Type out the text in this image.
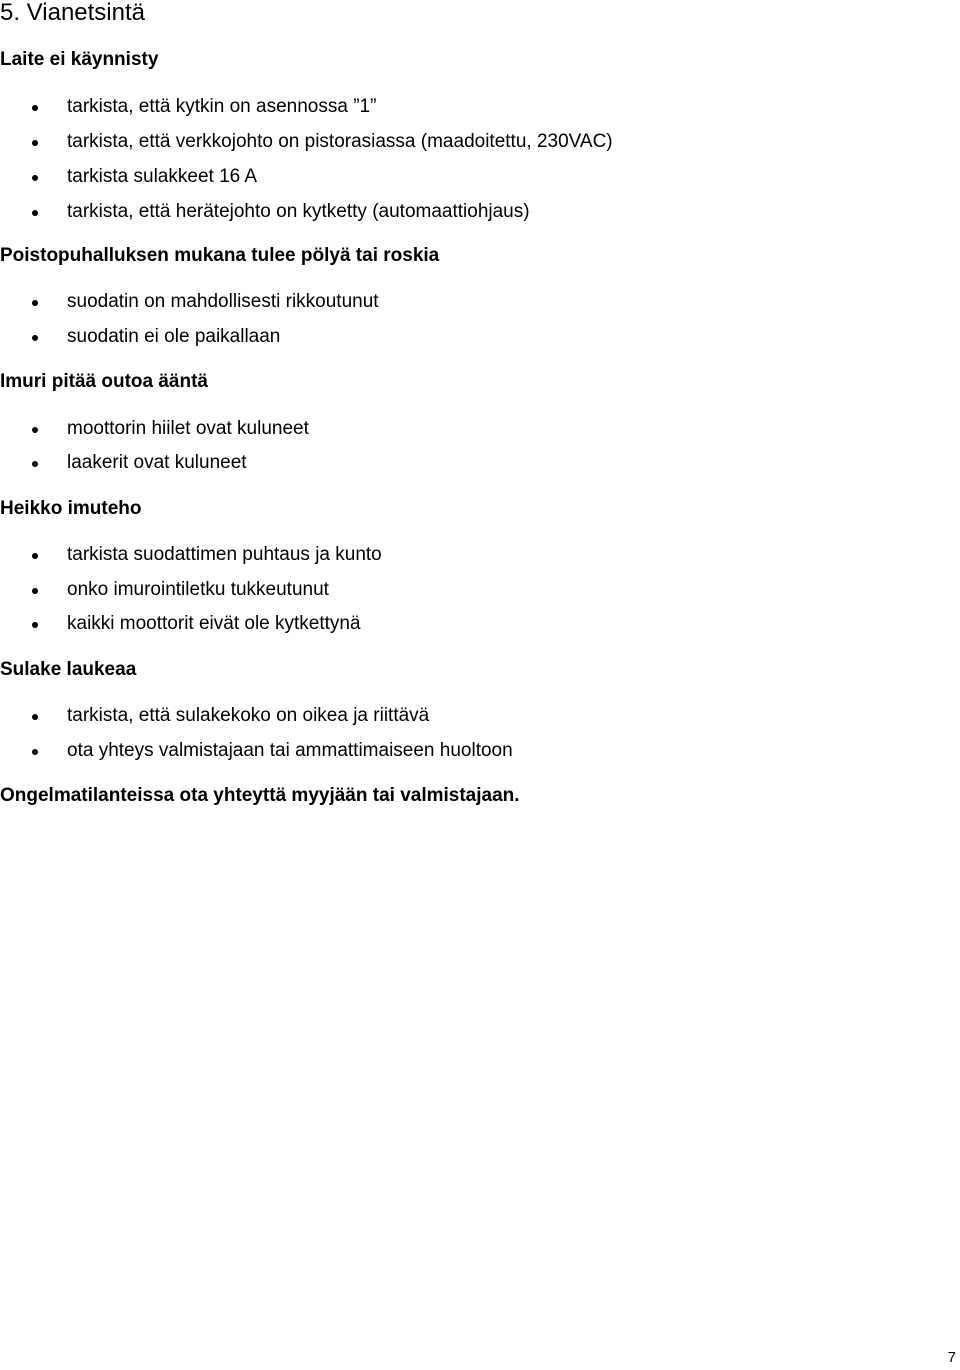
5. Vianetsintä
Laite ei käynnisty
tarkista, että kytkin on asennossa ”1”
tarkista, että verkkojohto on pistorasiassa (maadoitettu, 230VAC)
tarkista sulakkeet 16 A
tarkista, että herätejohto on kytketty (automaattiohjaus)
Poistopuhalluksen mukana tulee pölyä tai roskia
suodatin on mahdollisesti rikkoutunut
suodatin ei ole paikallaan
Imuri pitää outoa ääntä
moottorin hiilet ovat kuluneet
laakerit ovat kuluneet
Heikko imuteho
tarkista suodattimen puhtaus ja kunto
onko imurointiletku tukkeutunut
kaikki moottorit eivät ole kytkettynä
Sulake laukeaa
tarkista, että sulakekoko on oikea ja riittävä
ota yhteys valmistajaan tai ammattimaiseen huoltoon
Ongelmatilanteissa ota yhteyttä myyjään tai valmistajaan.
7
